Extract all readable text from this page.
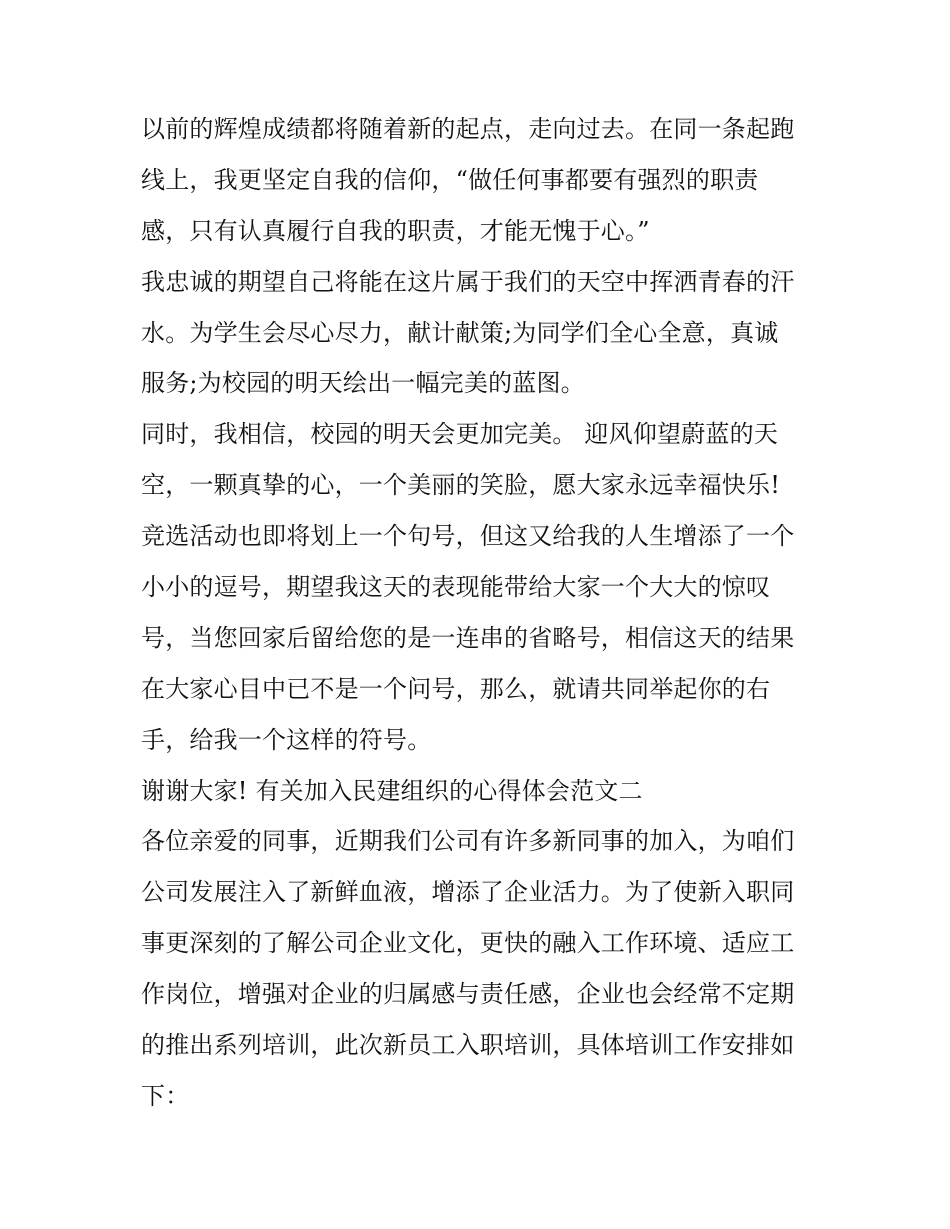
以前的辉煌成绩都将随着新的起点，走向过去。在同一条起跑
线上，我更坚定自我的信仰，“做任何事都要有强烈的职责
感，只有认真履行自我的职责，才能无愧于心。”
我忠诚的期望自己将能在这片属于我们的天空中挥洒青春的汗
水。为学生会尽心尽力，献计献策;为同学们全心全意，真诚
服务;为校园的明天绘出一幅完美的蓝图。
同时，我相信，校园的明天会更加完美。 迎风仰望蔚蓝的天
空，一颗真挚的心，一个美丽的笑脸，愿大家永远幸福快乐!
竞选活动也即将划上一个句号，但这又给我的人生增添了一个
小小的逗号，期望我这天的表现能带给大家一个大大的惊叹
号，当您回家后留给您的是一连串的省略号，相信这天的结果
在大家心目中已不是一个问号，那么，就请共同举起你的右
手，给我一个这样的符号。
谢谢大家! 有关加入民建组织的心得体会范文二
各位亲爱的同事，近期我们公司有许多新同事的加入，为咱们
公司发展注入了新鲜血液，增添了企业活力。为了使新入职同
事更深刻的了解公司企业文化，更快的融入工作环境、适应工
作岗位，增强对企业的归属感与责任感，企业也会经常不定期
的推出系列培训，此次新员工入职培训，具体培训工作安排如
下：
